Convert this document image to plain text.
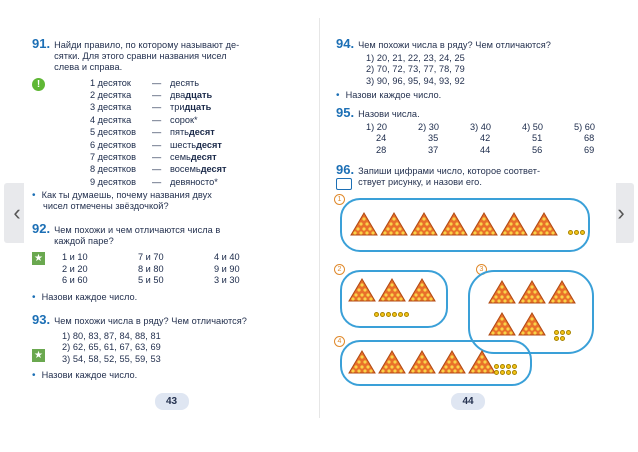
‹	›
91. Найди правило, по которому называют де-
сятки. Для этого сравни названия чисел
слева и справа.
!	1 десяток	— десять
2 десятка	— двадцать
3 десятка	— тридцать
4 десятка	— сорок*
5 десятков	— пятьдесят
6 десятков	— шестьдесят
7 десятков	— семьдесят
8 десятков	— восемьдесят
9 десятков	— девяносто*
• Как ты думаешь, почему названия двух
чисел отмечены звёздочкой?
92. Чем похожи и чем отличаются числа в
каждой паре?
★ 1 и 10	7 и 70	4 и 40
2 и 20	8 и 80	9 и 90
6 и 60	5 и 50	3 и 30
• Назови каждое число.
93. Чем похожи числа в ряду? Чем отличаются?
★
1) 80, 83, 87, 84, 88, 81
2) 62, 65, 61, 67, 63, 69
3) 54, 58, 52, 55, 59, 53
• Назови каждое число.
43
94. Чем похожи числа в ряду? Чем отличаются?
1) 20, 21, 22, 23, 24, 25
2) 70, 72, 73, 77, 78, 79
3) 90, 96, 95, 94, 93, 92
• Назови каждое число.
95. Назови числа.
1) 20	2) 30	3) 40	4) 50	5) 60
24	35	42	51	68
28	37	44	56	69
96. Запиши цифрами число, которое соответ-
ствует рисунку, и назови его.
1
2	3
4
44
